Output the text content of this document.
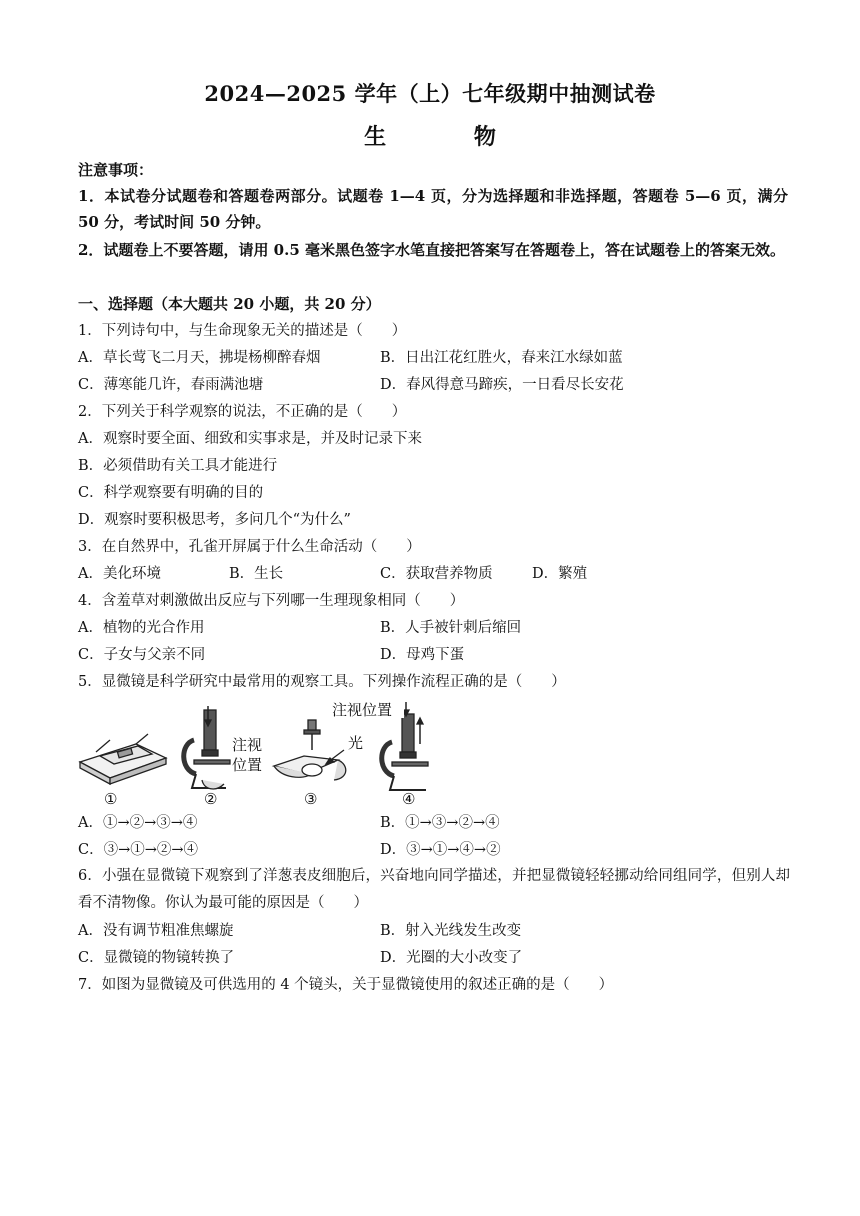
2024—2025 学年（上）七年级期中抽测试卷
生 物
注意事项：
1．本试卷分试题卷和答题卷两部分。试题卷 1—4 页，分为选择题和非选择题，答题卷 5—6 页，满分 50 分，考试时间 50 分钟。
2．试题卷上不要答题，请用 0.5 毫米黑色签字水笔直接把答案写在答题卷上，答在试题卷上的答案无效。
一、选择题（本大题共 20 小题，共 20 分）
1．下列诗句中，与生命现象无关的描述是（　　）
A．草长莺飞二月天，拂堤杨柳醉春烟	B．日出江花红胜火，春来江水绿如蓝
C．薄寒能几许，春雨满池塘	D．春风得意马蹄疾，一日看尽长安花
2．下列关于科学观察的说法，不正确的是（　　）
A．观察时要全面、细致和实事求是，并及时记录下来
B．必须借助有关工具才能进行
C．科学观察要有明确的目的
D．观察时要积极思考，多问几个“为什么”
3．在自然界中，孔雀开屏属于什么生命活动（　　）
A．美化环境	B．生长	C．获取营养物质	D．繁殖
4．含羞草对刺激做出反应与下列哪一生理现象相同（　　）
A．植物的光合作用	B．人手被针刺后缩回
C．子女与父亲不同	D．母鸡下蛋
5．显微镜是科学研究中最常用的观察工具。下列操作流程正确的是（　　）
注视
位置
光
注视位置
①	②	③	④
A．①→②→③→④	B．①→③→②→④
C．③→①→②→④	D．③→①→④→②
6．小强在显微镜下观察到了洋葱表皮细胞后，兴奋地向同学描述，并把显微镜轻轻挪动给同组同学，但别人却看不清物像。你认为最可能的原因是（　　）
A．没有调节粗准焦螺旋	B．射入光线发生改变
C．显微镜的物镜转换了	D．光圈的大小改变了
7．如图为显微镜及可供选用的 4 个镜头，关于显微镜使用的叙述正确的是（　　）
